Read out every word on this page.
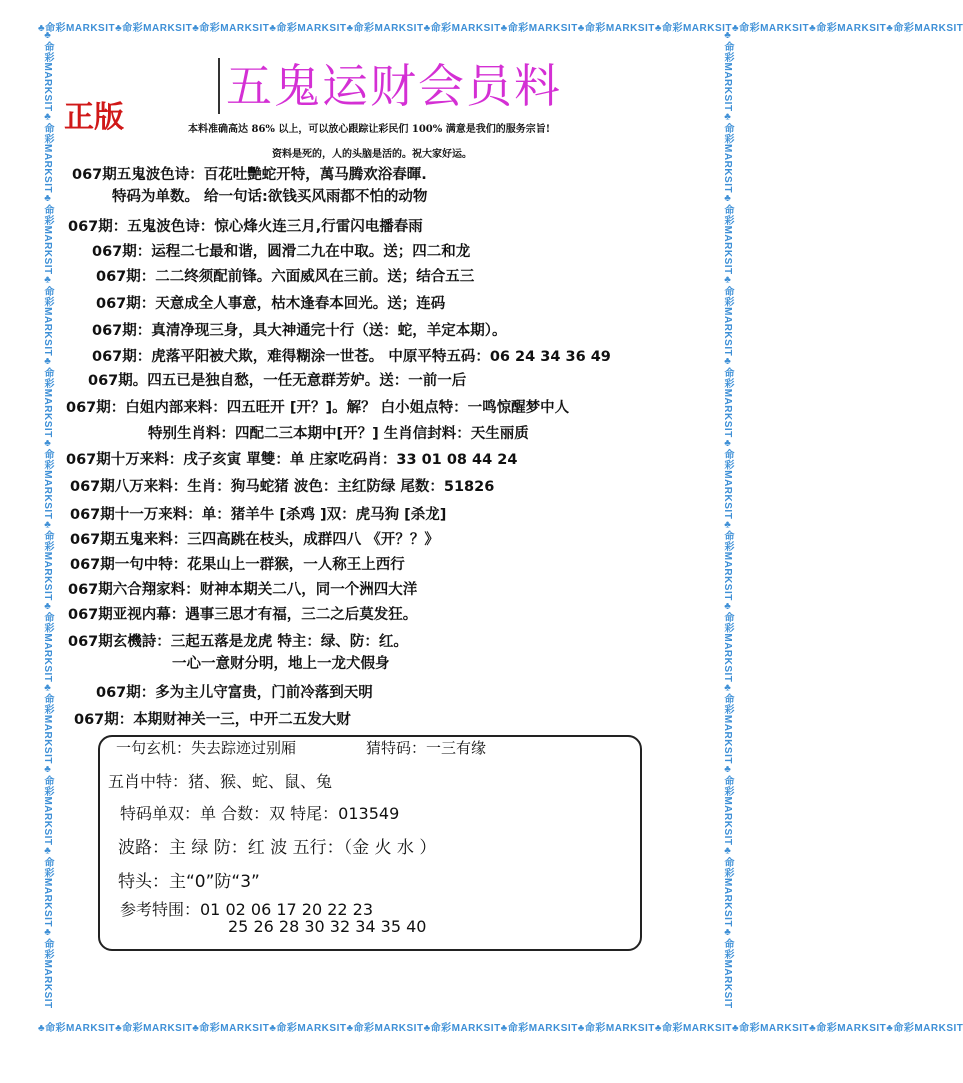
♣命彩MARKSIT♣命彩MARKSIT♣命彩MARKSIT♣命彩MARKSIT♣命彩MARKSIT♣命彩MARKSIT♣命彩MARKSIT♣命彩MARKSIT♣命彩MARKSIT♣命彩MARKSIT♣命彩MARKSIT♣命彩MARKSIT
♣命彩MARKSIT♣命彩MARKSIT♣命彩MARKSIT♣命彩MARKSIT♣命彩MARKSIT♣命彩MARKSIT♣命彩MARKSIT♣命彩MARKSIT♣命彩MARKSIT♣命彩MARKSIT♣命彩MARKSIT♣命彩MARKSIT
♣命彩MARKSIT♣命彩MARKSIT♣命彩MARKSIT♣命彩MARKSIT♣命彩MARKSIT♣命彩MARKSIT♣命彩MARKSIT♣命彩MARKSIT♣命彩MARKSIT♣命彩MARKSIT♣命彩MARKSIT♣命彩MARKSIT	♣命彩MARKSIT♣命彩MARKSIT♣命彩MARKSIT♣命彩MARKSIT♣命彩MARKSIT♣命彩MARKSIT♣命彩MARKSIT♣命彩MARKSIT♣命彩MARKSIT♣命彩MARKSIT♣命彩MARKSIT♣命彩MARKSIT
五鬼运财会员料
正版	本料准确高达 86% 以上，可以放心跟踪让彩民们 100% 满意是我们的服务宗旨!
资料是死的，人的头脑是活的。祝大家好运。
067期五鬼波色诗：百花吐艷蛇开特，萬马腾欢浴春暉.
特码为单数。 给一句话:欲钱买风雨都不怕的动物
067期：五鬼波色诗：惊心烽火连三月,行雷闪电播春雨
067期：运程二七最和谐，圆滑二九在中取。送；四二和龙
067期：二二终须配前锋。六面威风在三前。送；结合五三
067期：天意成全人事意，枯木逢春本回光。送；连码
067期：真清净现三身，具大神通完十行（送：蛇，羊定本期）。
067期：虎落平阳被犬欺，难得糊涂一世苍。 中原平特五码：06 24 34 36 49
067期。四五已是独自愁，一任无意群芳妒。送：一前一后
067期：白姐内部来料：四五旺开 [开？]。解？ 白小姐点特：一鸣惊醒梦中人
特别生肖料：四配二三本期中[开？] 生肖信封料：天生丽质
067期十万来料：戌子亥寅 單雙：单 庄家吃码肖：33 01 08 44 24
067期八万来料：生肖：狗马蛇猪 波色：主红防绿 尾数：51826
067期十一万来料：单：猪羊牛 [杀鸡 ]双：虎马狗 [杀龙]
067期五鬼来料：三四高跳在枝头，成群四八 《开？？》
067期一句中特：花果山上一群猴，一人称王上西行
067期六合翔家料：财神本期关二八，同一个洲四大洋
067期亚视内幕：遇事三思才有福，三二之后莫发狂。
067期玄機詩：三起五落是龙虎 特主：绿、防：红。
一心一意财分明，地上一龙犬假身
067期：多为主儿守富贵，门前冷落到天明
067期：本期财神关一三，中开二五发大财
一句玄机：失去踪迹过别厢	猜特码：一三有缘
五肖中特：猪、猴、蛇、鼠、兔
特码单双：单 合数：双 特尾：013549
波路：主 绿 防：红 波 五行：（金 火 水 ）
特头：主“0”防“3”
参考特围：01 02 06 17 20 22 23
25 26 28 30 32 34 35 40
